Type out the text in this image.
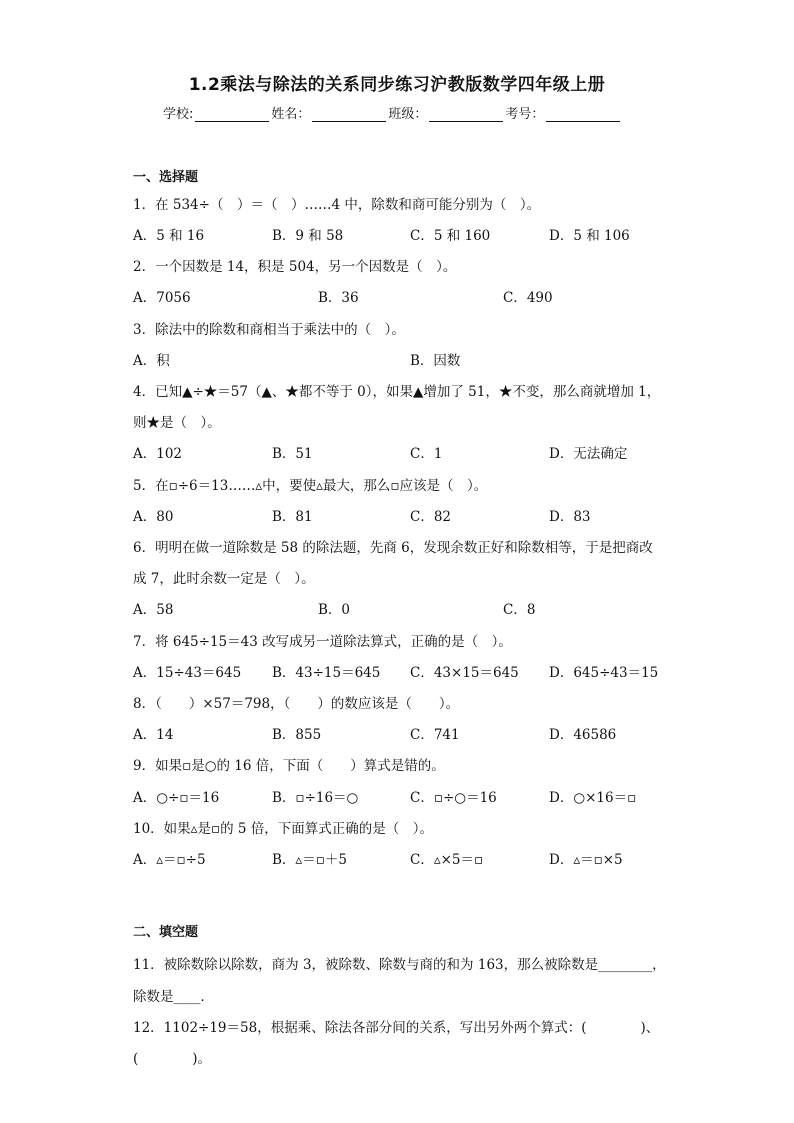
1.2乘法与除法的关系同步练习沪教版数学四年级上册
学校:	姓名：	班级：	考号：
一、选择题
1．在 534÷（　）＝（　）……4 中，除数和商可能分别为（　）。
A．5 和 16	B．9 和 58	C．5 和 160	D．5 和 106
2．一个因数是 14，积是 504，另一个因数是（　）。
A．7056	B．36	C．490
3．除法中的除数和商相当于乘法中的（　）。
A．积	B．因数
4．已知▲÷★＝57（▲、★都不等于 0），如果▲增加了 51，★不变，那么商就增加 1，
则★是（　）。
A．102	B．51	C．1	D．无法确定
5．在▫÷6＝13……▵中，要使▵最大，那么▫应该是（　）。
A．80	B．81	C．82	D．83
6．明明在做一道除数是 58 的除法题，先商 6，发现余数正好和除数相等，于是把商改
成 7，此时余数一定是（　）。
A．58	B．0	C．8
7．将 645÷15＝43 改写成另一道除法算式，正确的是（　）。
A．15÷43＝645 B．43÷15＝645 C．43×15＝645 D．645÷43＝15
8．（　　）×57＝798，（　　）的数应该是（　　）。
A．14	B．855	C．741	D．46586
9．如果▫是○的 16 倍，下面（　　）算式是错的。
A．○÷▫＝16	B．▫÷16＝○	C．▫÷○＝16	D．○×16＝▫
10．如果▵是▫的 5 倍，下面算式正确的是（　）。
A．▵＝▫÷5	B．▵＝▫＋5	C．▵×5＝▫	D．▵＝▫×5
二、填空题
11．被除数除以除数，商为 3，被除数、除数与商的和为 163，那么被除数是________，
除数是____．
12．1102÷19＝58，根据乘、除法各部分间的关系，写出另外两个算式：(　　　　)、
(　　　　)。
